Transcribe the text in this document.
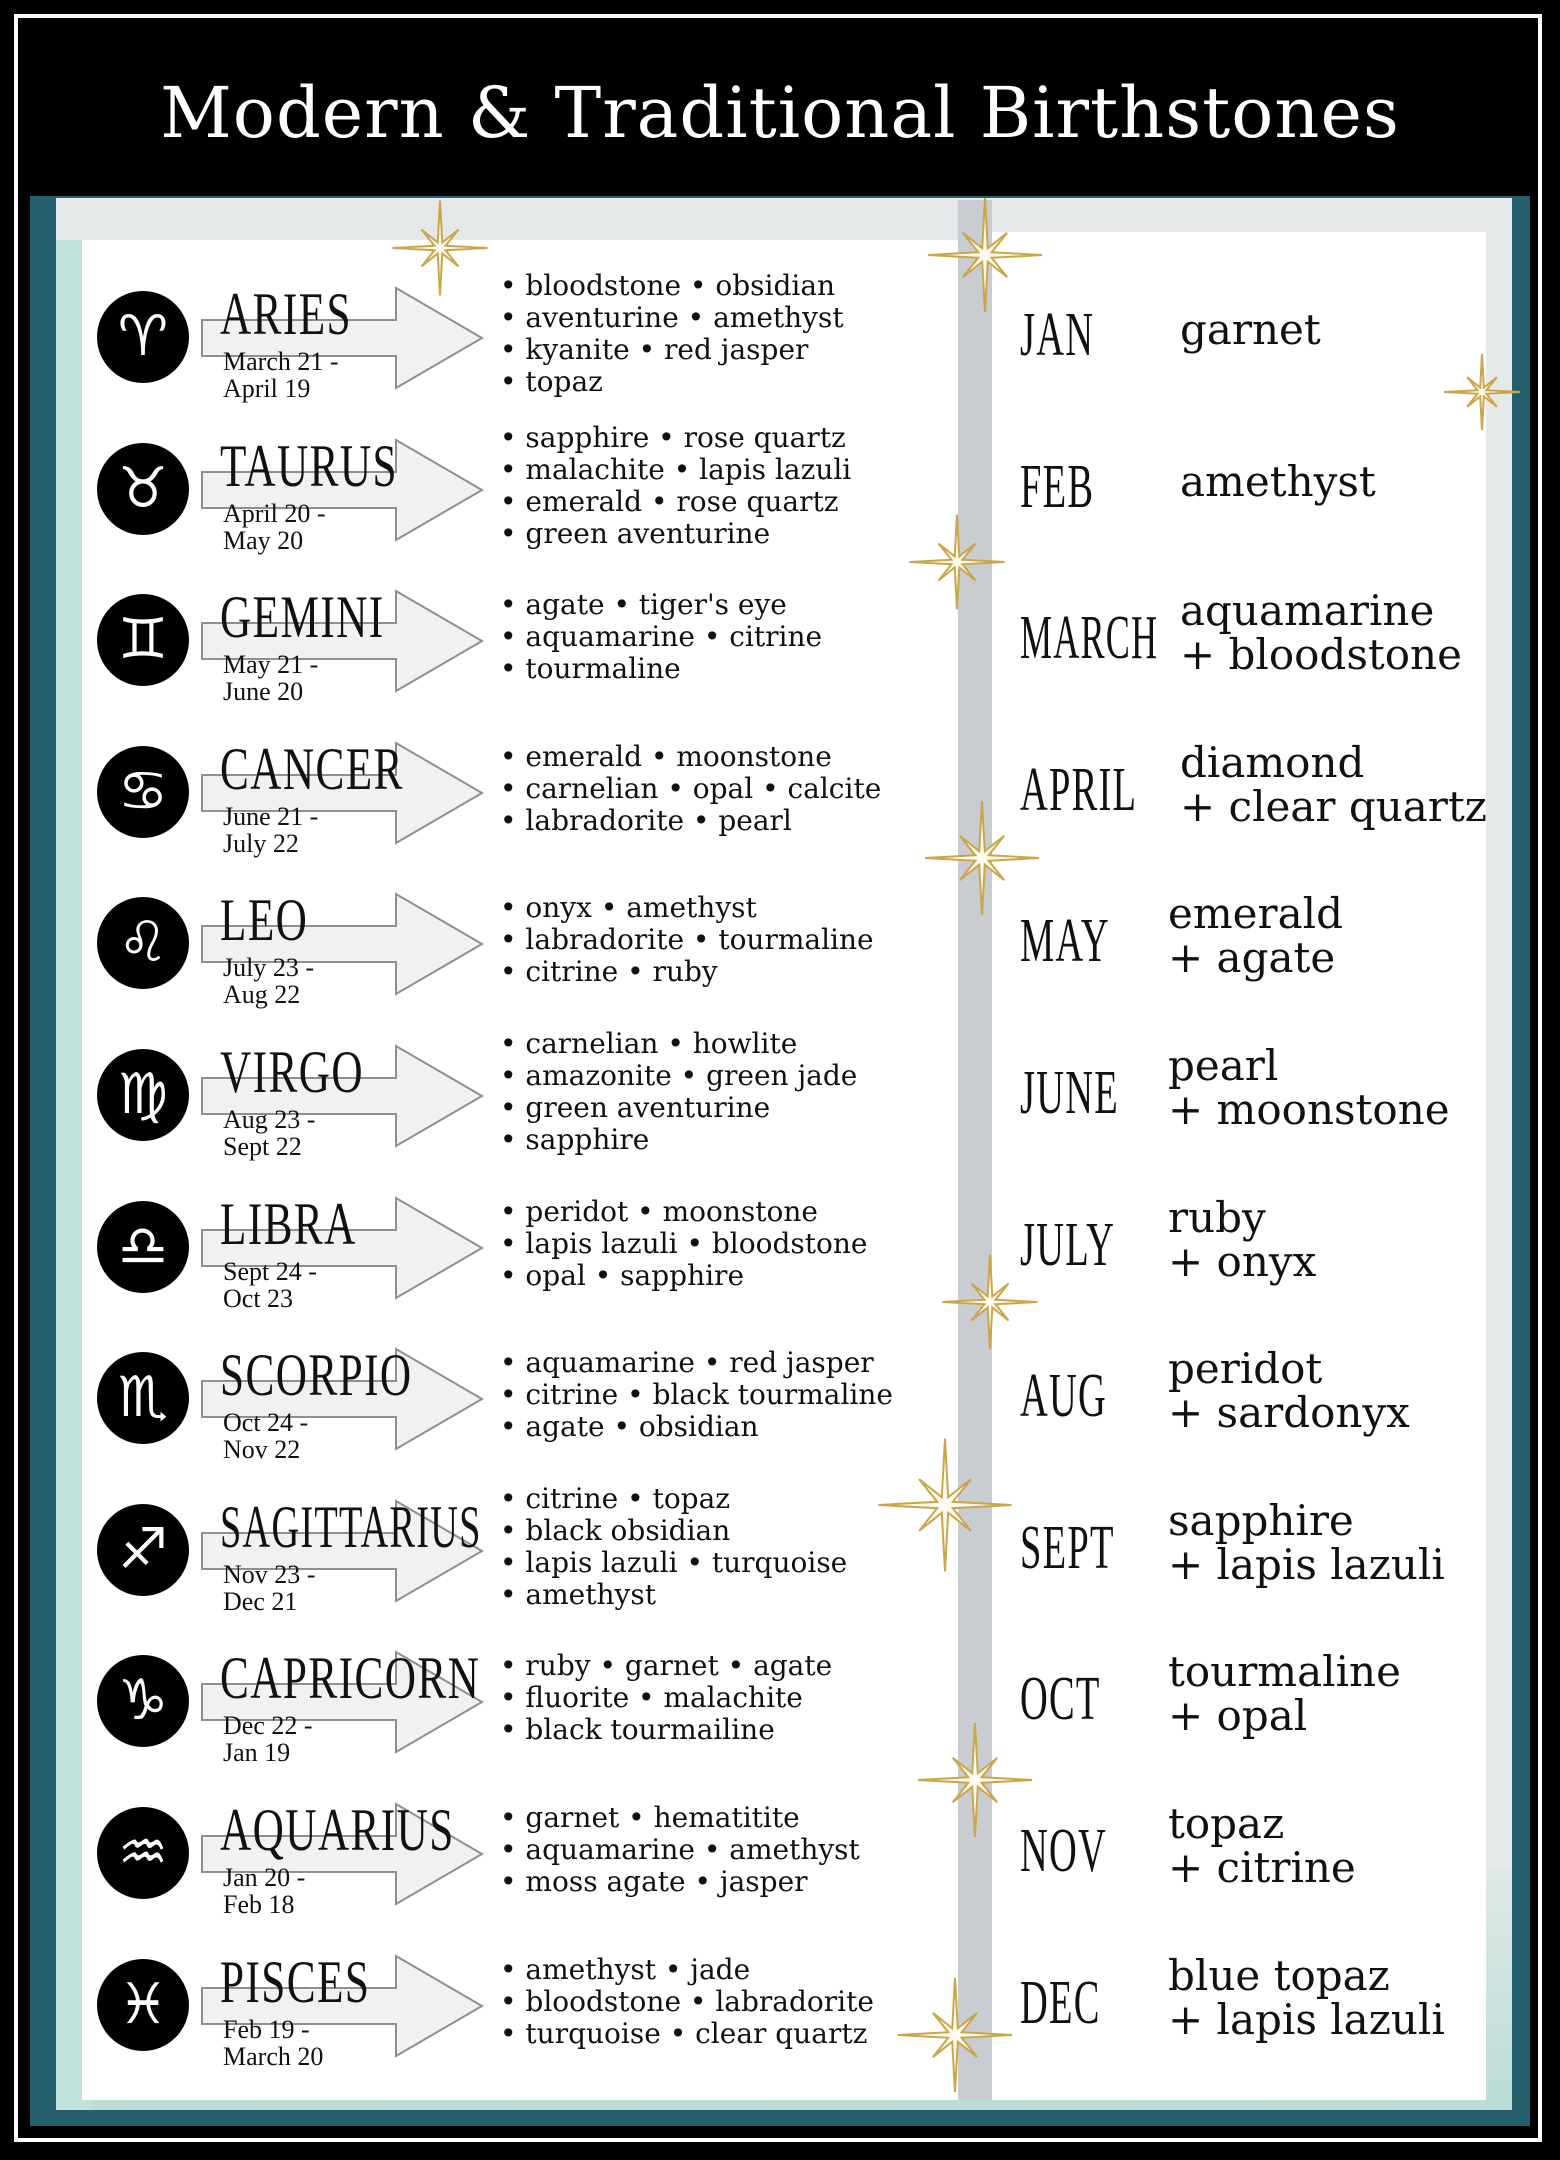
Modern & Traditional Birthstones
♈︎ ARIES
March 21 -
April 19
• bloodstone • obsidian
• aventurine • amethyst
• kyanite • red jasper
• topaz
JAN garnet
♉︎ TAURUS
April 20 -
May 20
• sapphire • rose quartz
• malachite • lapis lazuli
• emerald • rose quartz
• green aventurine
FEB amethyst
♊︎ GEMINI
May 21 -
June 20
• agate • tiger's eye
• aquamarine • citrine
• tourmaline	MARCH aquamarine
+ bloodstone
♋︎ CANCER
June 21 -
July 22
• emerald • moonstone
• carnelian • opal • calcite
• labradorite • pearl	APRIL diamond
+ clear quartz
♌︎ LEO
July 23 -
Aug 22
• onyx • amethyst
• labradorite • tourmaline
• citrine • ruby	MAY emerald
+ agate
♍︎ VIRGO
Aug 23 -
Sept 22
• carnelian • howlite
• amazonite • green jade
• green aventurine
• sapphire
JUNE pearl
+ moonstone
♎︎ LIBRA
Sept 24 -
Oct 23
• peridot • moonstone
• lapis lazuli • bloodstone
• opal • sapphire	JULY ruby
+ onyx
♏︎ SCORPIO
Oct 24 -
Nov 22
• aquamarine • red jasper
• citrine • black tourmaline
• agate • obsidian	AUG peridot
+ sardonyx
♐︎ SAGITTARIUS
Nov 23 -
Dec 21
• citrine • topaz
• black obsidian
• lapis lazuli • turquoise
• amethyst
SEPT sapphire
+ lapis lazuli
♑︎ CAPRICORN
Dec 22 -
Jan 19
• ruby • garnet • agate
• fluorite • malachite
• black tourmailine	OCT tourmaline
+ opal
♒︎ AQUARIUS
Jan 20 -
Feb 18
• garnet • hematitite
• aquamarine • amethyst
• moss agate • jasper	NOV topaz
+ citrine
♓︎ PISCES
Feb 19 -
March 20
• amethyst • jade
• bloodstone • labradorite
• turquoise • clear quartz DEC blue topaz
+ lapis lazuli
